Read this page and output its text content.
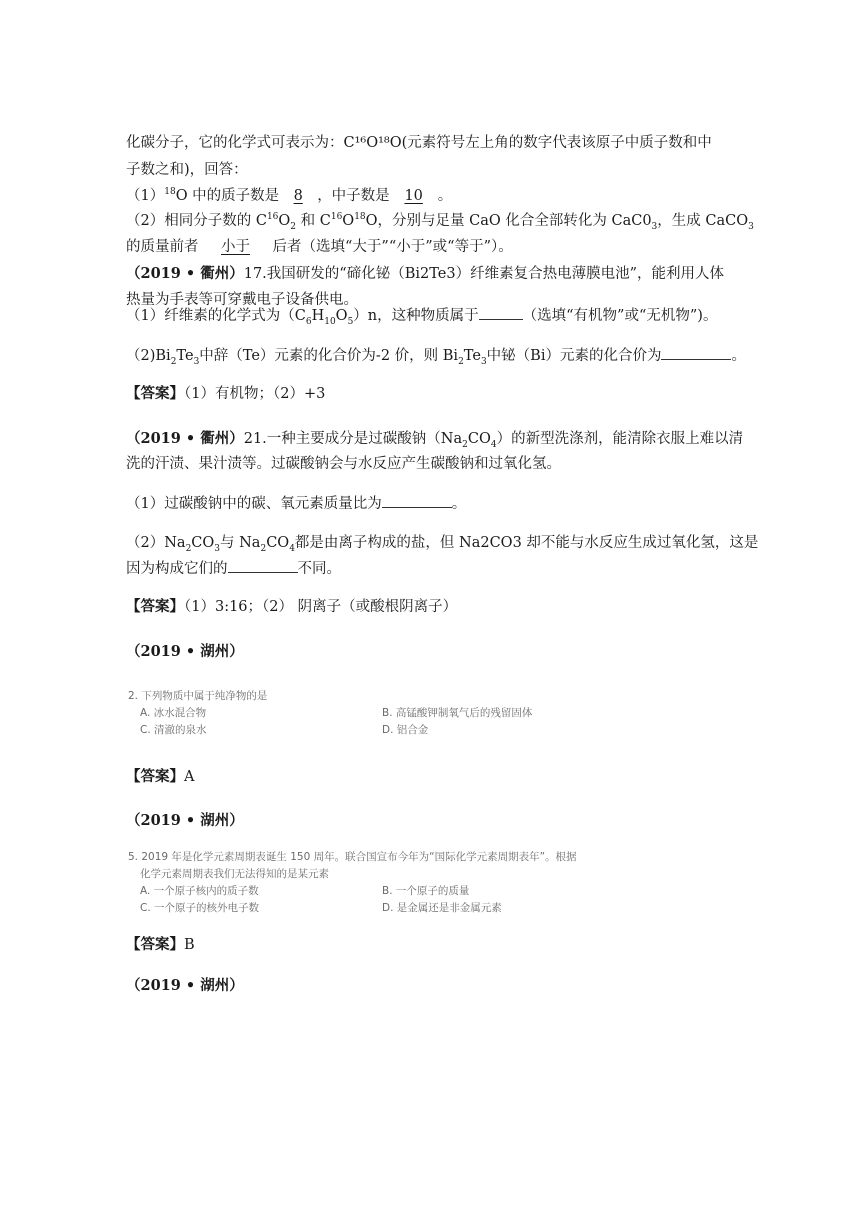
化碳分子，它的化学式可表示为：C¹⁶O¹⁸O(元素符号左上角的数字代表该原子中质子数和中
子数之和)，回答：
$(1)^{18}O$ 中的质子数是 8 ，中子数是 10 。
（2）相同分子数的 $C^{16}O_2$ 和 $C^{16}O^{18}O$，分别与足量 CaO 化合全部转化为 $CaC0_3$，生成 CaCO$_3$
的质量前者 小于 后者（选填“大于”“小于”或“等于”）。
（2019 • 衢州）17.我国研发的“碲化铋（Bi2Te3）纤维素复合热电薄膜电池”，能利用人体
热量为手表等可穿戴电子设备供电。
（1）纤维素的化学式为$(C_6H_{10}O_5)n$，这种物质属于	（选填“有机物”或“无机物”)。
$(2)Bi_2Te_3$中辞（Te）元素的化合价为-2 价，则 $Bi_2Te_3$中铋（Bi）元素的化合价为	。
【答案】（1）有机物；（2）+3
（2019 • 衢州）21.一种主要成分是过碳酸钠$(Na_2CO_4)$的新型洗涤剂，能清除衣服上难以清
洗的汗渍、果汁渍等。过碳酸钠会与水反应产生碳酸钠和过氧化氢。
（1）过碳酸钠中的碳、氧元素质量比为	。
$(2)Na_2CO_3$与 $Na_2CO_4$都是由离子构成的盐，但 Na2CO3 却不能与水反应生成过氧化氢，这是
因为构成它们的	不同。
【答案】（1）3:16；（2） 阴离子（或酸根阴离子）
（2019 • 湖州）
2. 下列物质中属于纯净物的是
A. 冰水混合物	B. 高锰酸钾制氧气后的残留固体
C. 清澈的泉水	D. 铝合金
【答案】A
（2019 • 湖州）
5. 2019 年是化学元素周期表诞生 150 周年。联合国宣布今年为“国际化学元素周期表年”。根据
化学元素周期表我们无法得知的是某元素
A. 一个原子核内的质子数	B. 一个原子的质量
C. 一个原子的核外电子数	D. 是金属还是非金属元素
【答案】B
（2019 • 湖州）
